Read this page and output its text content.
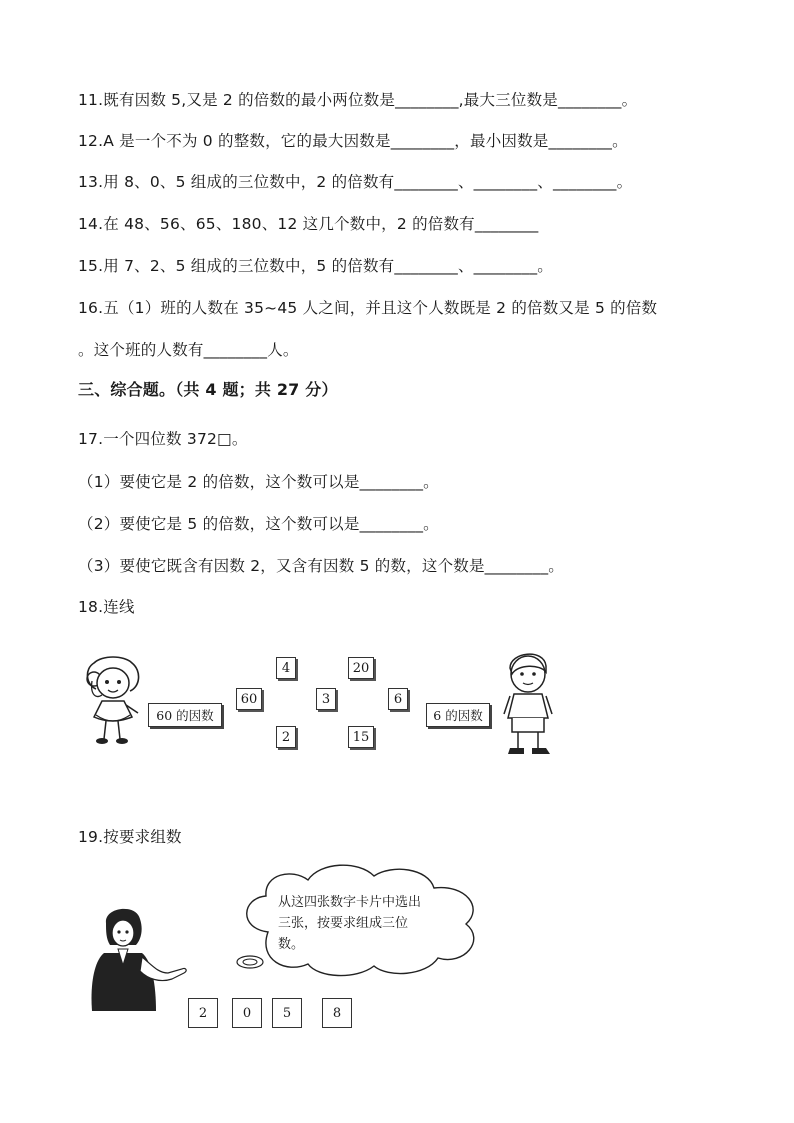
11.既有因数 5,又是 2 的倍数的最小两位数是________,最大三位数是________。
12.A 是一个不为 0 的整数，它的最大因数是________，最小因数是________。
13.用 8、0、5 组成的三位数中，2 的倍数有________、________、________。
14.在 48、56、65、180、12 这几个数中，2 的倍数有________
15.用 7、2、5 组成的三位数中，5 的倍数有________、________。
16.五（1）班的人数在 35~45 人之间，并且这个人数既是 2 的倍数又是 5 的倍数
。这个班的人数有________人。
三、综合题。（共 4 题；共 27 分）
17.一个四位数 372□。
（1）要使它是 2 的倍数，这个数可以是________。
（2）要使它是 5 的倍数，这个数可以是________。
（3）要使它既含有因数 2，又含有因数 5 的数，这个数是________。
18.连线
60 的因数	6 的因数
4	20
60	3	6
2	15
19.按要求组数
从这四张数字卡片中选出三张，按要求组成三位数。
2	0	5	8
